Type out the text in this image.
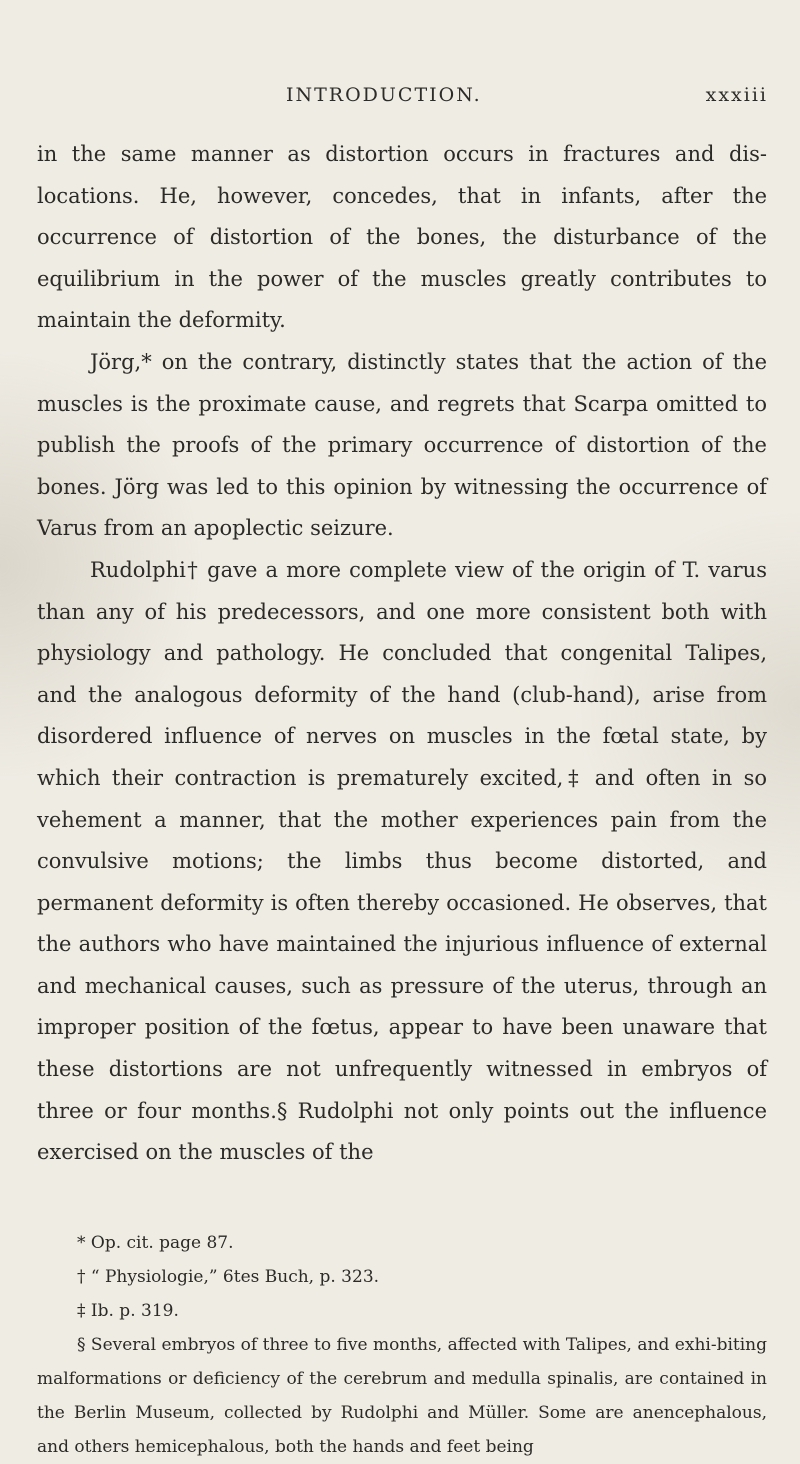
INTRODUCTION.	xxxiii

in the same manner as distortion occurs in fractures and dis-locations. He, however, concedes, that in infants, after the occurrence of distortion of the bones, the disturbance of the equilibrium in the power of the muscles greatly contributes to maintain the deformity.

Jörg,* on the contrary, distinctly states that the action of the muscles is the proximate cause, and regrets that Scarpa omitted to publish the proofs of the primary occurrence of distortion of the bones. Jörg was led to this opinion by witnessing the occurrence of Varus from an apoplectic seizure.

Rudolphi† gave a more complete view of the origin of T. varus than any of his predecessors, and one more consistent both with physiology and pathology. He concluded that congenital Talipes, and the analogous deformity of the hand (club-hand), arise from disordered influence of nerves on muscles in the fœtal state, by which their contraction is prematurely excited,‡ and often in so vehement a manner, that the mother experiences pain from the convulsive motions; the limbs thus become distorted, and permanent deformity is often thereby occasioned. He observes, that the authors who have maintained the injurious influence of external and mechanical causes, such as pressure of the uterus, through an improper position of the fœtus, appear to have been unaware that these distortions are not unfrequently witnessed in embryos of three or four months.§ Rudolphi not only points out the influence exercised on the muscles of the

* Op. cit. page 87.

† “ Physiologie,” 6tes Buch, p. 323.

‡ Ib. p. 319.

§ Several embryos of three to five months, affected with Talipes, and exhi-biting malformations or deficiency of the cerebrum and medulla spinalis, are contained in the Berlin Museum, collected by Rudolphi and Müller. Some are anencephalous, and others hemicephalous, both the hands and feet being
